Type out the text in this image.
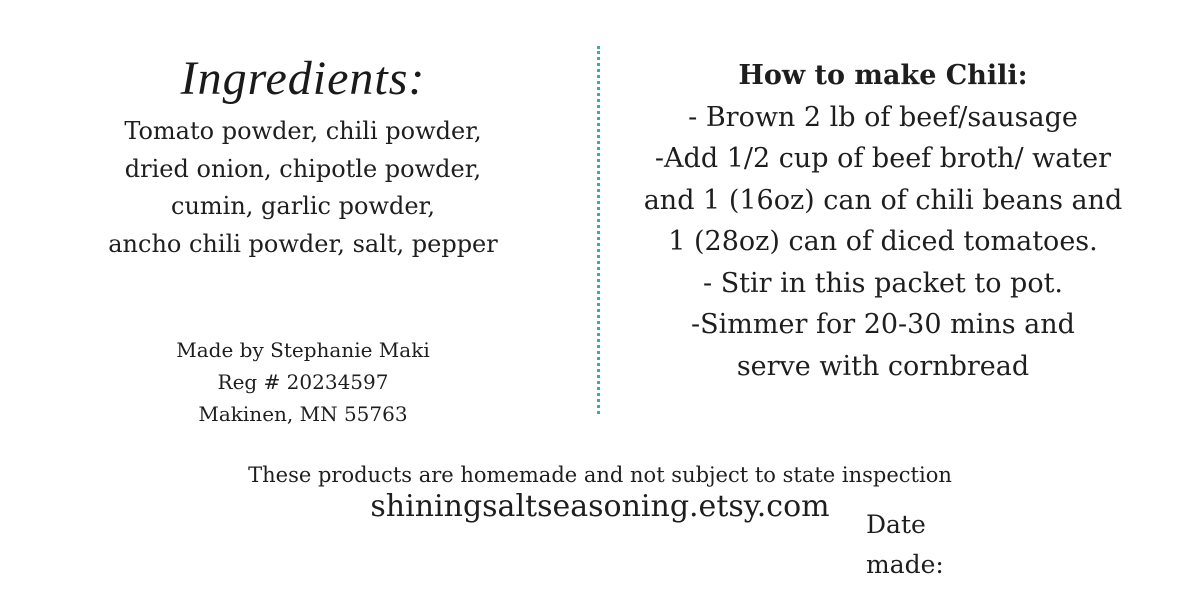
Ingredients:
Tomato powder, chili powder,
dried onion, chipotle powder,
cumin, garlic powder,
ancho chili powder, salt, pepper
Made by Stephanie Maki
Reg # 20234597
Makinen, MN 55763
How to make Chili:
- Brown 2 lb of beef/sausage
-Add 1/2 cup of beef broth/ water
and 1 (16oz) can of chili beans and
1 (28oz) can of diced tomatoes.
- Stir in this packet to pot.
-Simmer for 20-30 mins and
serve with cornbread
These products are homemade and not subject to state inspection
shiningsaltseasoning.etsy.com
Date
made:
